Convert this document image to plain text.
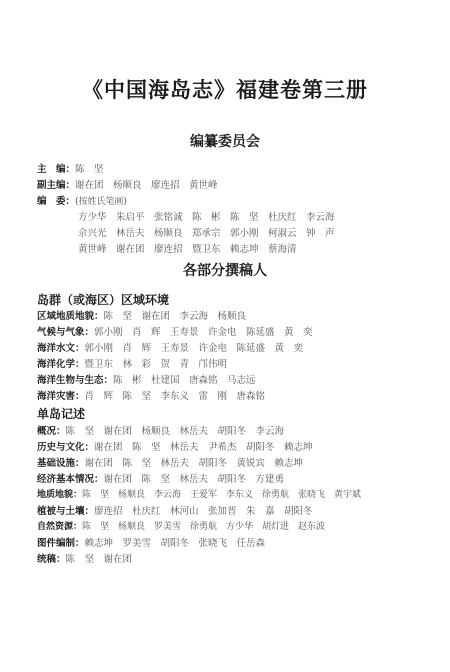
《中国海岛志》福建卷第三册
编纂委员会
主　编：陈　坚
副主编：谢在团　杨顺良　廖连招　黄世峰
编　委：(按姓氏笔画)
方少华　朱启平　张铭诚　陈　彬　陈　坚　杜庆红　李云海
佘兴光　林岳夫　杨顺良　郑承宗　郭小刚　柯淑云　钟　声
黄世峰　谢在团　廖连招　暨卫东　赖志坤　蔡海清
各部分撰稿人
岛群（或海区）区域环境
区域地质地貌：陈　坚　谢在团　李云海　杨顺良
气候与气象：郭小刚　肖　辉　王寿景　许金电　陈延盛　黄　奕
海洋水文：郭小刚　肖　辉　王寿景　许金电　陈延盛　黄　奕
海洋化学：暨卫东　林　彩　贺　青　邝伟明
海洋生物与生态：陈　彬　杜建国　唐森铭　马志远
海洋灾害：肖　辉　陈　坚　李东义　雷　刚　唐森铭
单岛记述
概况：陈　坚　谢在团　杨顺良　林岳夫　胡阳冬　李云海
历史与文化：谢在团　陈　坚　林岳夫　尹希杰　胡阳冬　赖志坤
基础设施：谢在团　陈　坚　林岳夫　胡阳冬　黄锐宾　赖志坤
经济基本情况：谢在团　陈　坚　林岳夫　胡阳冬　方建勇
地质地貌：陈　坚　杨顺良　李云海　王爱军　李东义　徐勇航　张晓飞　黄宇斌
植被与土壤：廖连招　杜庆红　林河山　张加晋　朱　嘉　胡阳冬
自然资源：陈　坚　杨顺良　罗美雪　徐勇航　方少华　胡灯进　赵东波
图件编制：赖志坤　罗美雪　胡阳冬　张晓飞　任岳森
统稿：陈　坚　谢在团
